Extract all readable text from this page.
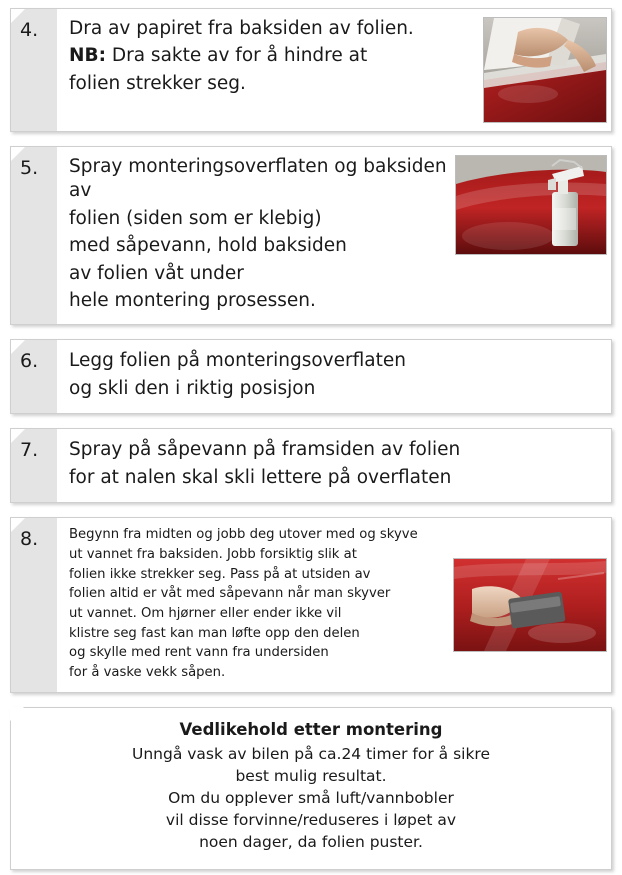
4. Dra av papiret fra baksiden av folien.

NB: Dra sakte av for å hindre at

folien strekker seg.

5. Spray monteringsoverflaten og baksiden av

folien (siden som er klebig)

med såpevann, hold baksiden

av folien våt under

hele montering prosessen.

6. Legg folien på monteringsoverflaten

og skli den i riktig posisjon

7. Spray på såpevann på framsiden av folien

for at nalen skal skli lettere på overflaten

8. Begynn fra midten og jobb deg utover med og skyve

ut vannet fra baksiden. Jobb forsiktig slik at

folien ikke strekker seg. Pass på at utsiden av

folien altid er våt med såpevann når man skyver

ut vannet. Om hjørner eller ender ikke vil

klistre seg fast kan man løfte opp den delen

og skylle med rent vann fra undersiden

for å vaske vekk såpen.

Vedlikehold etter montering

Unngå vask av bilen på ca.24 timer for å sikre

best mulig resultat.

Om du opplever små luft/vannbobler

vil disse forvinne/reduseres i løpet av

noen dager, da folien puster.
